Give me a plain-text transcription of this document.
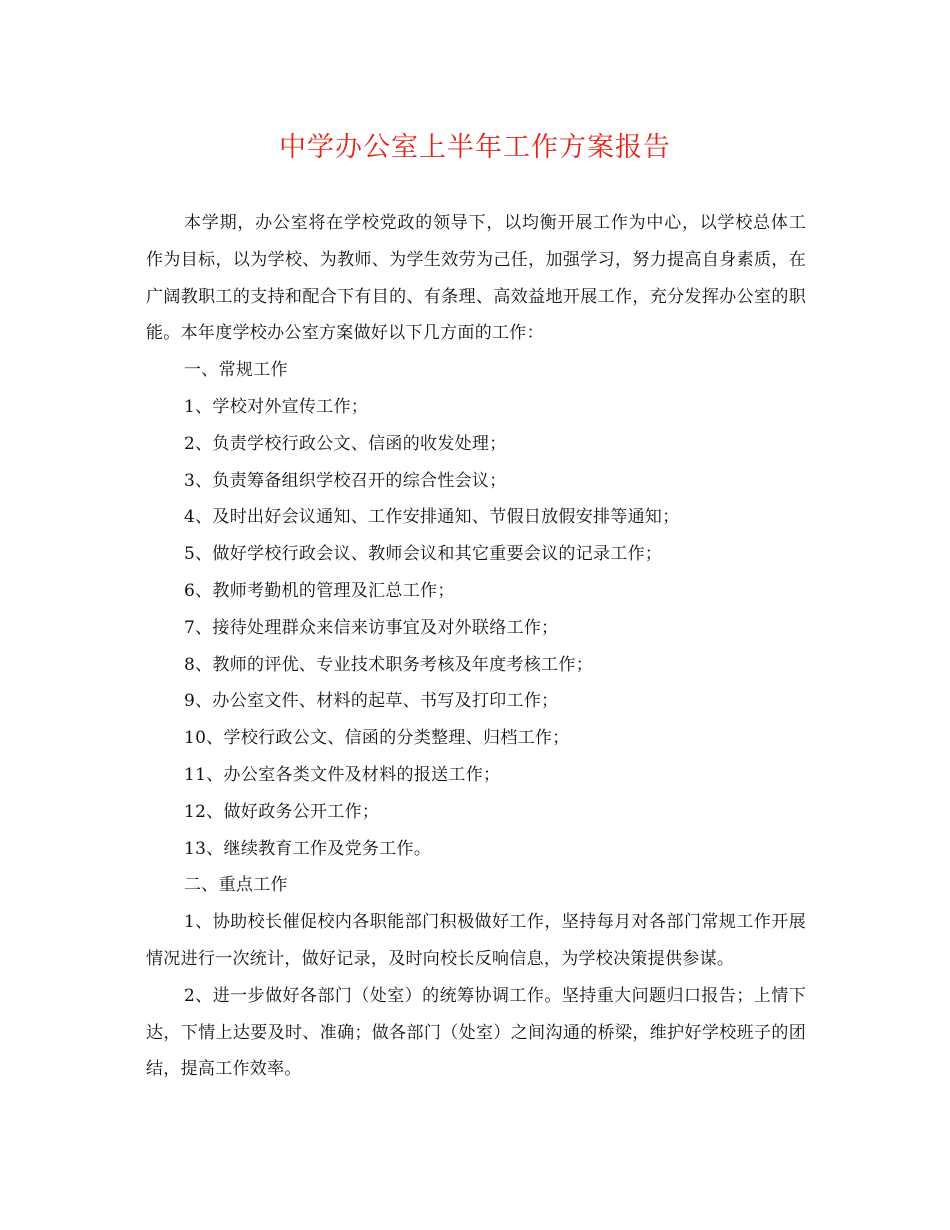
中学办公室上半年工作方案报告

本学期，办公室将在学校党政的领导下，以均衡开展工作为中心，以学校总体工作为目标，以为学校、为教师、为学生效劳为己任，加强学习，努力提高自身素质，在广阔教职工的支持和配合下有目的、有条理、高效益地开展工作，充分发挥办公室的职能。本年度学校办公室方案做好以下几方面的工作：

一、常规工作

1、学校对外宣传工作；

2、负责学校行政公文、信函的收发处理；

3、负责筹备组织学校召开的综合性会议；

4、及时出好会议通知、工作安排通知、节假日放假安排等通知；

5、做好学校行政会议、教师会议和其它重要会议的记录工作；

6、教师考勤机的管理及汇总工作；

7、接待处理群众来信来访事宜及对外联络工作；

8、教师的评优、专业技术职务考核及年度考核工作；

9、办公室文件、材料的起草、书写及打印工作；

10、学校行政公文、信函的分类整理、归档工作；

11、办公室各类文件及材料的报送工作；

12、做好政务公开工作；

13、继续教育工作及党务工作。

二、重点工作

1、协助校长催促校内各职能部门积极做好工作，坚持每月对各部门常规工作开展情况进行一次统计，做好记录，及时向校长反响信息，为学校决策提供参谋。

2、进一步做好各部门（处室）的统筹协调工作。坚持重大问题归口报告；上情下达，下情上达要及时、准确；做各部门（处室）之间沟通的桥梁，维护好学校班子的团结，提高工作效率。
